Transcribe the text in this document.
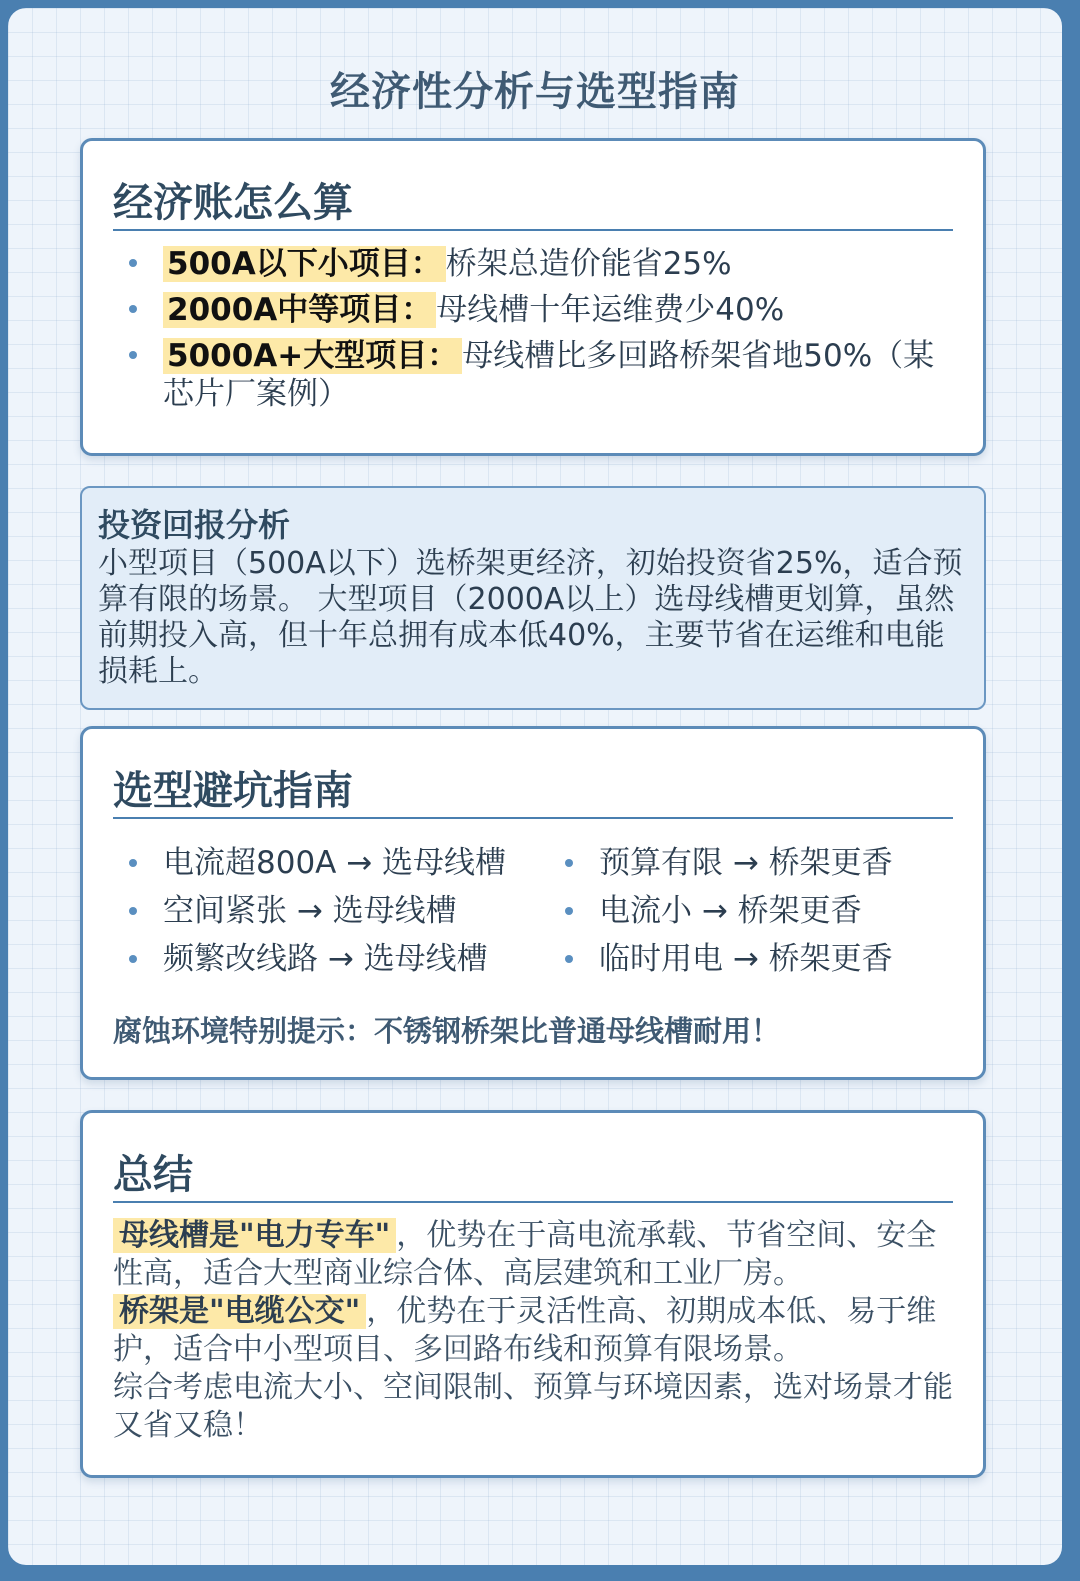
经济性分析与选型指南
经济账怎么算
500A以下小项目： 桥架总造价能省25%
2000A中等项目： 母线槽十年运维费少40%
5000A+大型项目： 母线槽比多回路桥架省地50%（某芯片厂案例）
投资回报分析
小型项目（500A以下）选桥架更经济，初始投资省25%，适合预算有限的场景。 大型项目（2000A以上）选母线槽更划算，虽然前期投入高，但十年总拥有成本低40%，主要节省在运维和电能损耗上。
选型避坑指南
电流超800A → 选母线槽
空间紧张 → 选母线槽
频繁改线路 → 选母线槽
预算有限 → 桥架更香
电流小 → 桥架更香
临时用电 → 桥架更香
腐蚀环境特别提示：不锈钢桥架比普通母线槽耐用！
总结
母线槽是"电力专车" ，优势在于高电流承载、节省空间、安全性高，适合大型商业综合体、高层建筑和工业厂房。
桥架是"电缆公交" ，优势在于灵活性高、初期成本低、易于维护，适合中小型项目、多回路布线和预算有限场景。
综合考虑电流大小、空间限制、预算与环境因素，选对场景才能又省又稳！
